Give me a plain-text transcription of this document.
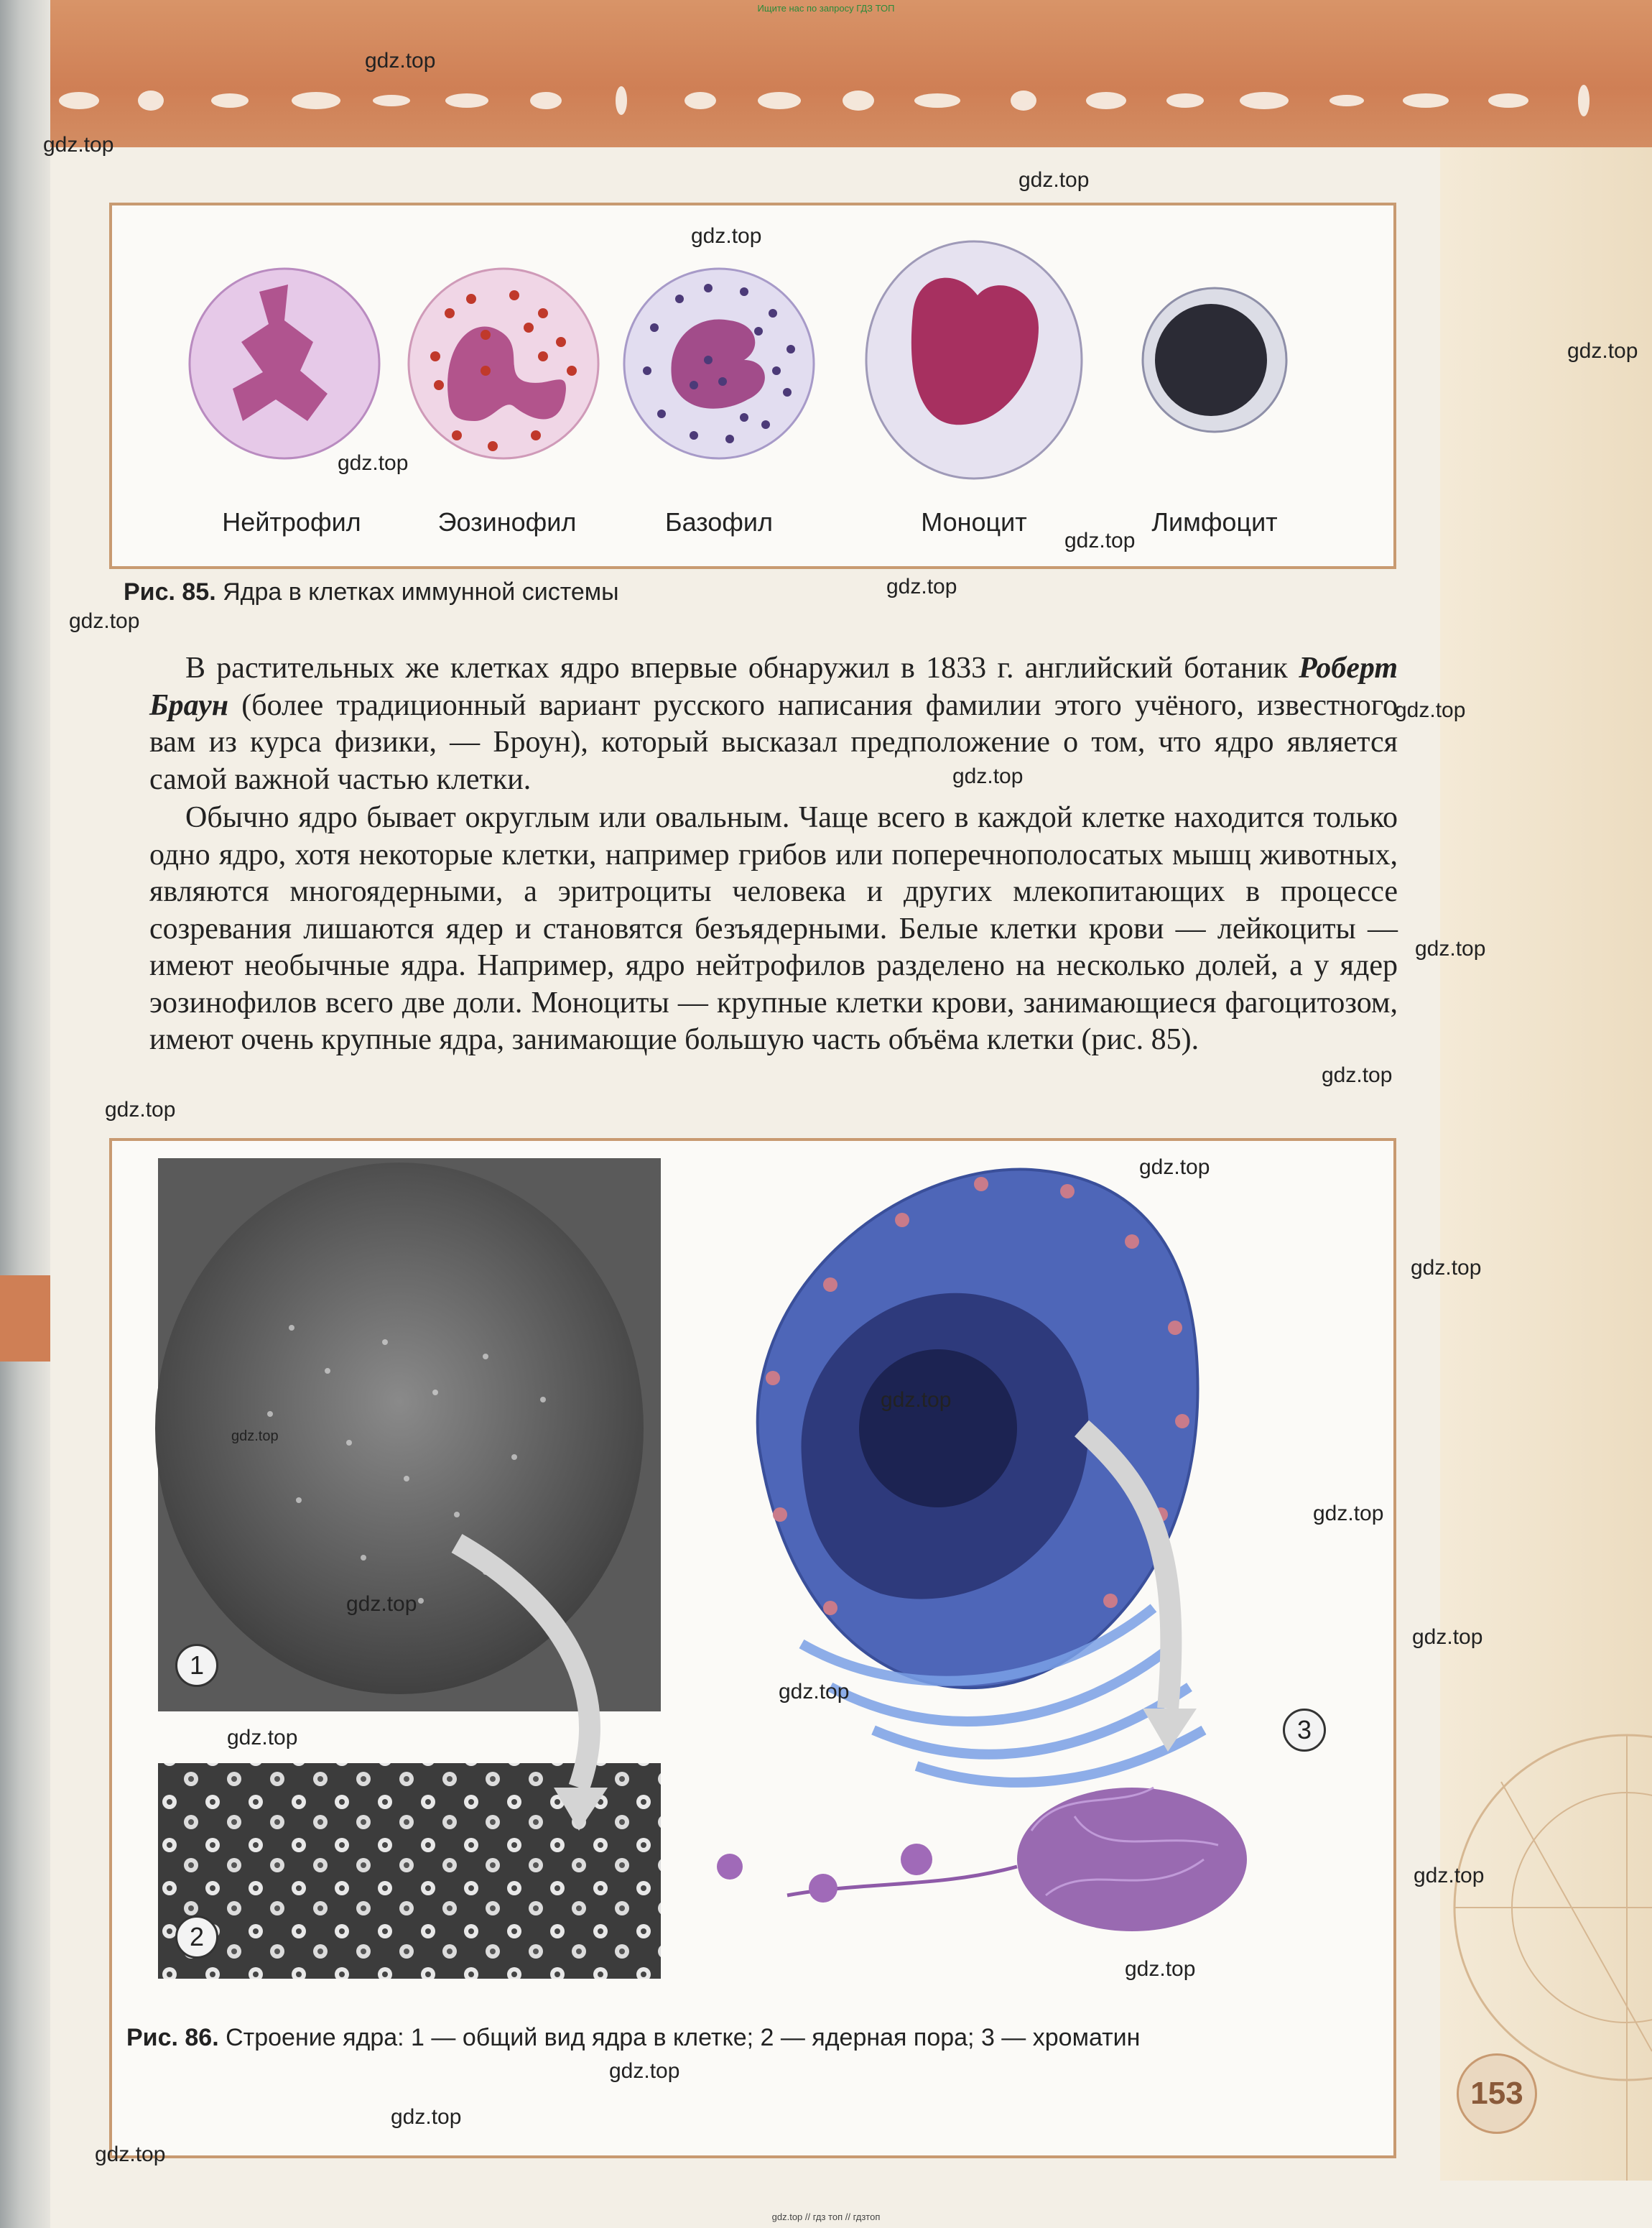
Ищите нас по запросу ГДЗ ТОП
Нейтрофил	Эозинофил	Базофил	Моноцит	Лимфоцит
Рис. 85. Ядра в клетках иммунной системы
В растительных же клетках ядро впервые обнаружил в 1833 г. английский ботаник Роберт Браун (более традиционный вариант русского написания фамилии этого учёного, известного вам из курса физики, — Броун), который высказал предположение о том, что ядро является самой важной частью клетки.
Обычно ядро бывает округлым или овальным. Чаще всего в каждой клетке находится только одно ядро, хотя некоторые клетки, например грибов или поперечнополосатых мышц животных, являются многоядерными, а эритроциты человека и других млекопитающих в процессе созревания лишаются ядер и становятся безъядерными. Белые клетки крови — лейкоциты — имеют необычные ядра. Например, ядро нейтрофилов разделено на несколько долей, а у ядер эозинофилов всего две доли. Моноциты — крупные клетки крови, занимающиеся фагоцитозом, имеют очень крупные ядра, занимающие большую часть объёма клетки (рис. 85).
1
2
3
Рис. 86. Строение ядра: 1 — общий вид ядра в клетке; 2 — ядерная пора; 3 — хроматин
153
gdz.top
gdz.top
gdz.top
gdz.top
gdz.top
gdz.top
gdz.top
gdz.top
gdz.top
gdz.top
gdz.top
gdz.top
gdz.top
gdz.top
gdz.top
gdz.top
gdz.top
gdz.top
gdz.top
gdz.top
gdz.top
gdz.top
gdz.top
gdz.top
gdz.top
gdz.top
gdz.top
gdz.top
gdz.top // гдз топ // гдзтоп
